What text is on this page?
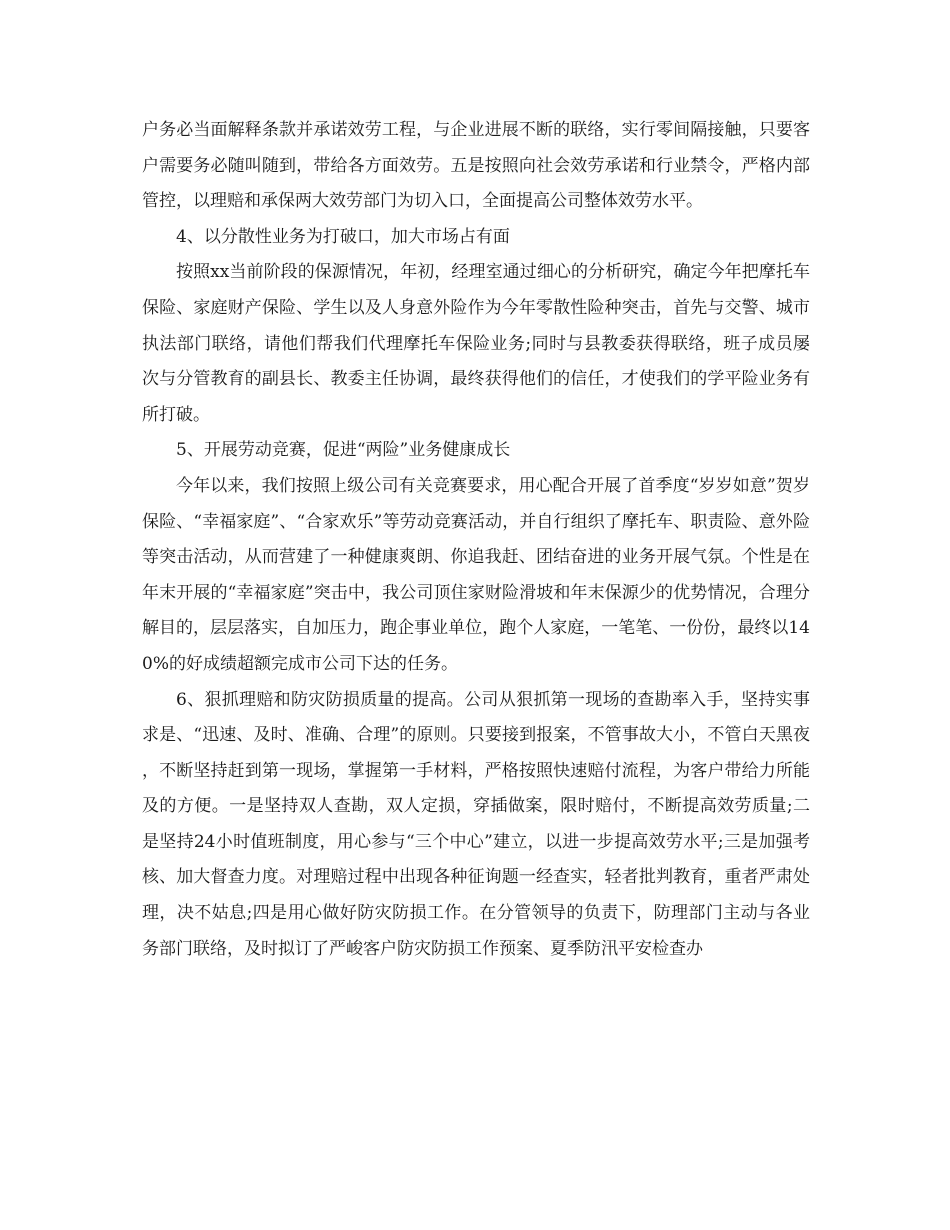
户务必当面解释条款并承诺效劳工程，与企业进展不断的联络，实行零间隔接触，只要客户需要务必随叫随到，带给各方面效劳。五是按照向社会效劳承诺和行业禁令，严格内部管控，以理赔和承保两大效劳部门为切入口，全面提高公司整体效劳水平。

4、以分散性业务为打破口，加大市场占有面

按照xx当前阶段的保源情况，年初，经理室通过细心的分析研究，确定今年把摩托车保险、家庭财产保险、学生以及人身意外险作为今年零散性险种突击，首先与交警、城市执法部门联络，请他们帮我们代理摩托车保险业务;同时与县教委获得联络，班子成员屡次与分管教育的副县长、教委主任协调，最终获得他们的信任，才使我们的学平险业务有所打破。

5、开展劳动竞赛，促进“两险”业务健康成长

今年以来，我们按照上级公司有关竞赛要求，用心配合开展了首季度“岁岁如意”贺岁保险、“幸福家庭”、“合家欢乐”等劳动竞赛活动，并自行组织了摩托车、职责险、意外险等突击活动，从而营建了一种健康爽朗、你追我赶、团结奋进的业务开展气氛。个性是在年末开展的“幸福家庭”突击中，我公司顶住家财险滑坡和年末保源少的优势情况，合理分解目的，层层落实，自加压力，跑企事业单位，跑个人家庭，一笔笔、一份份，最终以140%的好成绩超额完成市公司下达的任务。

6、狠抓理赔和防灾防损质量的提高。公司从狠抓第一现场的查勘率入手，坚持实事求是、“迅速、及时、准确、合理”的原则。只要接到报案，不管事故大小，不管白天黑夜，不断坚持赶到第一现场，掌握第一手材料，严格按照快速赔付流程，为客户带给力所能及的方便。一是坚持双人查勘，双人定损，穿插做案，限时赔付，不断提高效劳质量;二是坚持24小时值班制度，用心参与“三个中心”建立，以进一步提高效劳水平;三是加强考核、加大督查力度。对理赔过程中出现各种征询题一经查实，轻者批判教育，重者严肃处理，决不姑息;四是用心做好防灾防损工作。在分管领导的负责下，防理部门主动与各业务部门联络，及时拟订了严峻客户防灾防损工作预案、夏季防汛平安检查办
